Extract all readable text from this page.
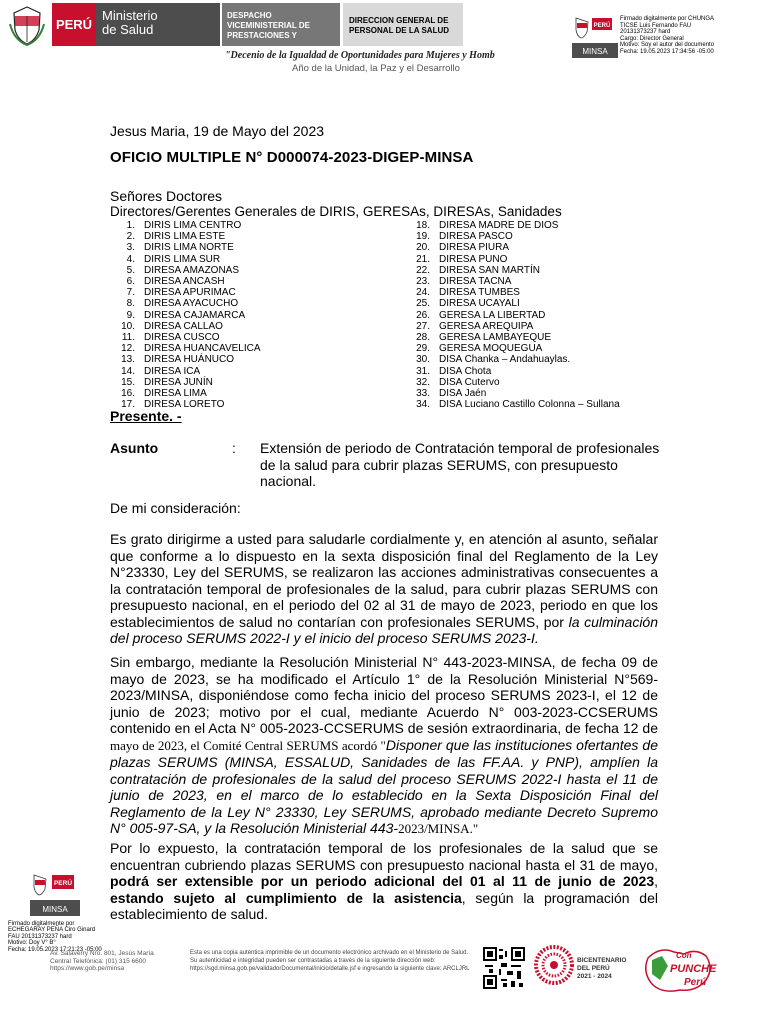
PERÚ
Ministerio
de Salud
DESPACHO VICEMINISTERIAL DE PRESTACIONES Y
DIRECCION GENERAL DE PERSONAL DE LA SALUD
"Decenio de la Igualdad de Oportunidades para Mujeres y Homb
Año de la Unidad, la Paz y el Desarrollo
PERÚ
MINSA
Firmado digitalmente por CHUNGA
TICSE Luis Fernando FAU
20131373237 hard
Cargo: Director General
Motivo: Soy el autor del documento
Fecha: 19.05.2023 17:34:56 -05:00
Jesus Maria, 19 de Mayo del 2023
OFICIO MULTIPLE N° D000074-2023-DIGEP-MINSA
Señores Doctores
Directores/Gerentes Generales de DIRIS, GERESAs, DIRESAs, Sanidades
1. DIRIS LIMA CENTRO
2. DIRIS LIMA ESTE
3. DIRIS LIMA NORTE
4. DIRIS LIMA SUR
5. DIRESA AMAZONAS
6. DIRESA ANCASH
7. DIRESA APURIMAC
8. DIRESA AYACUCHO
9. DIRESA CAJAMARCA
10. DIRESA CALLAO
11. DIRESA CUSCO
12. DIRESA HUANCAVELICA
13. DIRESA HUÁNUCO
14. DIRESA ICA
15. DIRESA JUNÍN
16. DIRESA LIMA
17. DIRESA LORETO
18. DIRESA MADRE DE DIOS
19. DIRESA PASCO
20. DIRESA PIURA
21. DIRESA PUNO
22. DIRESA SAN MARTÍN
23. DIRESA TACNA
24. DIRESA TUMBES
25. DIRESA UCAYALI
26. GERESA LA LIBERTAD
27. GERESA AREQUIPA
28. GERESA LAMBAYEQUE
29. GERESA MOQUEGUA
30. DISA Chanka – Andahuaylas.
31. DISA Chota
32. DISA Cutervo
33. DISA Jaén
34. DISA Luciano Castillo Colonna – Sullana
Presente. -
Asunto	: Extensión de periodo de Contratación temporal de profesionales de la salud para cubrir plazas SERUMS, con presupuesto nacional.
De mi consideración:
Es grato dirigirme a usted para saludarle cordialmente y, en atención al asunto, señalar que conforme a lo dispuesto en la sexta disposición final del Reglamento de la Ley N°23330, Ley del SERUMS, se realizaron las acciones administrativas consecuentes a la contratación temporal de profesionales de la salud, para cubrir plazas SERUMS con presupuesto nacional, en el periodo del 02 al 31 de mayo de 2023, periodo en que los establecimientos de salud no contarían con profesionales SERUMS, por la culminación del proceso SERUMS 2022-I y el inicio del proceso SERUMS 2023-I.
Sin embargo, mediante la Resolución Ministerial N° 443-2023-MINSA, de fecha 09 de mayo de 2023, se ha modificado el Artículo 1° de la Resolución Ministerial N°569-2023/MINSA, disponiéndose como fecha inicio del proceso SERUMS 2023-I, el 12 de junio de 2023; motivo por el cual, mediante Acuerdo N° 003-2023-CCSERUMS contenido en el Acta N° 005-2023-CCSERUMS de sesión extraordinaria, de fecha 12 de mayo de 2023, el Comité Central SERUMS acordó "Disponer que las instituciones ofertantes de plazas SERUMS (MINSA, ESSALUD, Sanidades de las FF.AA. y PNP), amplíen la contratación de profesionales de la salud del proceso SERUMS 2022-I hasta el 11 de junio de 2023, en el marco de lo establecido en la Sexta Disposición Final del Reglamento de la Ley N° 23330, Ley SERUMS, aprobado mediante Decreto Supremo N° 005-97-SA, y la Resolución Ministerial 443-2023/MINSA."
Por lo expuesto, la contratación temporal de los profesionales de la salud que se encuentran cubriendo plazas SERUMS con presupuesto nacional hasta el 31 de mayo, podrá ser extensible por un periodo adicional del 01 al 11 de junio de 2023, estando sujeto al cumplimiento de la asistencia, según la programación del establecimiento de salud.
PERÚ
MINSA
Firmado digitalmente por
ECHEGARAY PEÑA Ciro Ginard
FAU 20131373237 hard
Motivo: Doy V° B°
Fecha: 19.05.2023 17:21:23 -05:00
Av. Salaverry Nro. 801, Jesús María
Central Telefónica: (01) 315 6600
https://www.gob.pe/minsa
Esta es una copia auténtica imprimible de un documento electrónico archivado en el Ministerio de Salud. Su autenticidad e integridad pueden ser contrastadas a través de la siguiente dirección web: https://sgd.minsa.gob.pe/validadorDocumental/inicio/detalle.jsf e ingresando la siguiente clave: ARCLJRL
BICENTENARIO
DEL PERÚ
2021 - 2024
Con
PUNCHE
Perú
